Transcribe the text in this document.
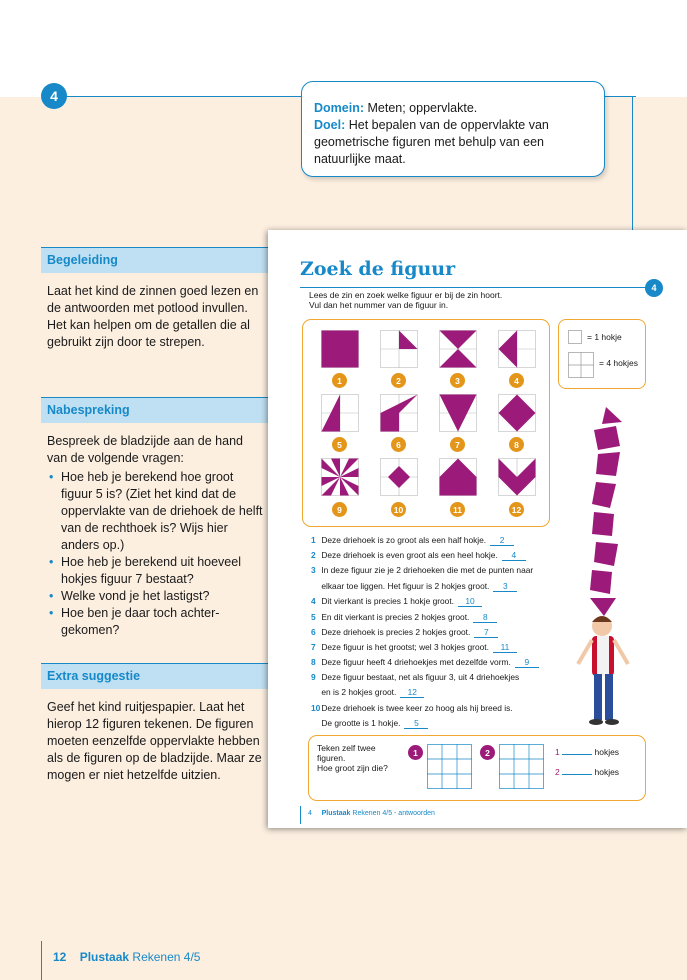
4
Domein: Meten; oppervlakte.
Doel: Het bepalen van de oppervlakte van geometrische figuren met behulp van een natuurlijke maat.
Begeleiding
Laat het kind de zinnen goed lezen en de antwoorden met potlood invullen. Het kan helpen om de getallen die al gebruikt zijn door te strepen.
Nabespreking
Bespreek de bladzijde aan de hand van de volgende vragen:
• Hoe heb je berekend hoe groot figuur 5 is? (Ziet het kind dat de oppervlakte van de driehoek de helft van de rechthoek is? Wijs hier anders op.)
• Hoe heb je berekend uit hoeveel hokjes figuur 7 bestaat?
• Welke vond je het lastigst?
• Hoe ben je daar toch achtergekomen?
Extra suggestie
Geef het kind ruitjespapier. Laat het hierop 12 figuren tekenen. De figuren moeten eenzelfde oppervlakte hebben als de figuren op de bladzijde. Maar ze mogen er niet hetzelfde uitzien.
Zoek de figuur
4
Lees de zin en zoek welke figuur er bij de zin hoort.
Vul dan het nummer van de figuur in.
1	2	3	4
5	6	7	8
9	10	11	12
= 1 hokje
= 4 hokjes
1 Deze driehoek is zo groot als een half hokje. 2
2 Deze driehoek is even groot als een heel hokje. 4
3 In deze figuur zie je 2 driehoeken die met de punten naar
elkaar toe liggen. Het figuur is 2 hokjes groot. 3
4 Dit vierkant is precies 1 hokje groot. 10
5 En dit vierkant is precies 2 hokjes groot. 8
6 Deze driehoek is precies 2 hokjes groot. 7
7 Deze figuur is het grootst; wel 3 hokjes groot. 11
8 Deze figuur heeft 4 driehoekjes met dezelfde vorm. 9
9 Deze figuur bestaat, net als figuur 3, uit 4 driehoekjes
en is 2 hokjes groot. 12
10 Deze driehoek is twee keer zo hoog als hij breed is.
De grootte is 1 hokje. 5
Teken zelf twee
figuren.
Hoe groot zijn die?
1	2	1	hokjes
2	hokjes
4 Plustaak Rekenen 4/5 - antwoorden
12 Plustaak Rekenen 4/5
